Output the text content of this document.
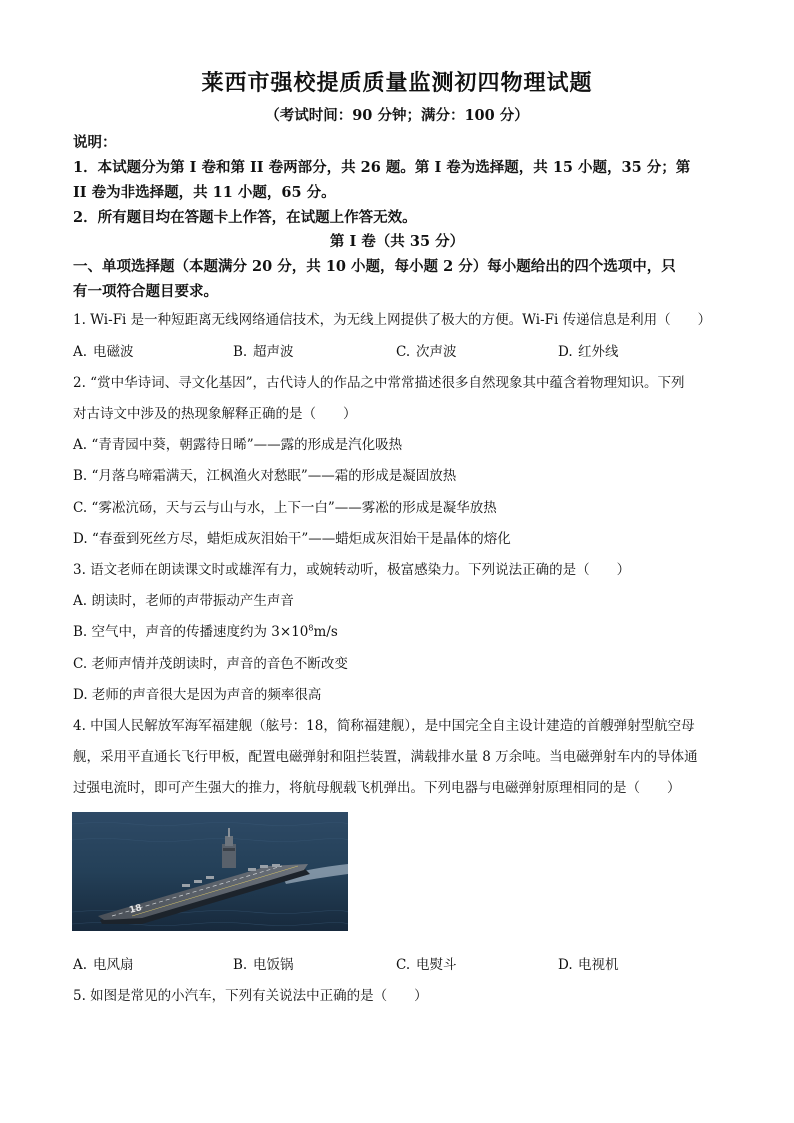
莱西市强校提质质量监测初四物理试题
（考试时间：90 分钟；满分：100 分）
说明：
1．本试题分为第 I 卷和第 II 卷两部分，共 26 题。第 I 卷为选择题，共 15 小题，35 分；第
II 卷为非选择题，共 11 小题，65 分。
2．所有题目均在答题卡上作答，在试题上作答无效。
第 I 卷（共 35 分）
一、单项选择题（本题满分 20 分，共 10 小题，每小题 2 分）每小题给出的四个选项中，只
有一项符合题目要求。
1. Wi-Fi 是一种短距离无线网络通信技术，为无线上网提供了极大的方便。Wi-Fi 传递信息是利用（　　）
A. 电磁波	B. 超声波	C. 次声波	D. 红外线
2. “赏中华诗词、寻文化基因”，古代诗人的作品之中常常描述很多自然现象其中蕴含着物理知识。下列
对古诗文中涉及的热现象解释正确的是（　　）
A. “青青园中葵，朝露待日晞”——露的形成是汽化吸热
B. “月落乌啼霜满天，江枫渔火对愁眠”——霜的形成是凝固放热
C. “雾凇沆砀，天与云与山与水，上下一白”——雾凇的形成是凝华放热
D. “春蚕到死丝方尽，蜡炬成灰泪始干”——蜡炬成灰泪始干是晶体的熔化
3. 语文老师在朗读课文时或雄浑有力，或婉转动听，极富感染力。下列说法正确的是（　　）
A. 朗读时，老师的声带振动产生声音
B. 空气中，声音的传播速度约为 $3\times 10^8m/s$
C. 老师声情并茂朗读时，声音的音色不断改变
D. 老师的声音很大是因为声音的频率很高
4. 中国人民解放军海军福建舰（舷号：18，简称福建舰），是中国完全自主设计建造的首艘弹射型航空母
舰，采用平直通长飞行甲板，配置电磁弹射和阻拦装置，满载排水量 8 万余吨。当电磁弹射车内的导体通
过强电流时，即可产生强大的推力，将航母舰载飞机弹出。下列电器与电磁弹射原理相同的是（　　）
18
A. 电风扇	B. 电饭锅	C. 电熨斗	D. 电视机
5. 如图是常见的小汽车，下列有关说法中正确的是（　　）
